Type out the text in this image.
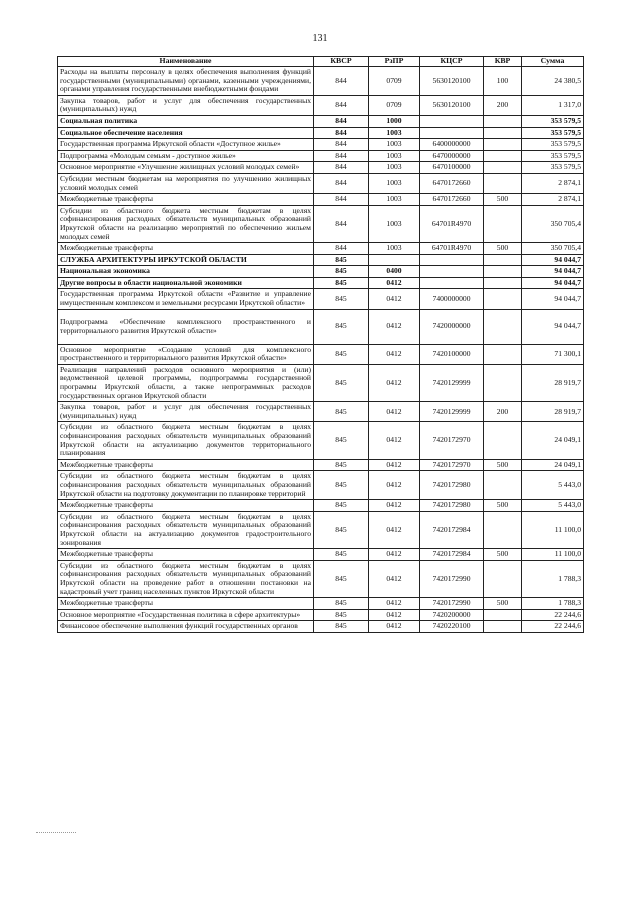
131
Наименование	КВСР	РзПР	КЦСР	КВР	Сумма
Расходы на выплаты персоналу в целях обеспечения выполнения функций государственными (муниципальными) органами, казенными учреждениями, органами управления государственными внебюджетными фондами	844	0709	5630120100	100	24 380,5
Закупка товаров, работ и услуг для обеспечения государственных (муниципальных) нужд	844	0709	5630120100	200	1 317,0
Социальная политика	844	1000			353 579,5
Социальное обеспечение населения	844	1003			353 579,5
Государственная программа Иркутской области «Доступное жилье»	844	1003	6400000000		353 579,5
Подпрограмма «Молодым семьям - доступное жилье»	844	1003	6470000000		353 579,5
Основное мероприятие «Улучшение жилищных условий молодых семей»	844	1003	6470100000		353 579,5
Субсидии местным бюджетам на мероприятия по улучшению жилищных условий молодых семей	844	1003	6470172660		2 874,1
Межбюджетные трансферты	844	1003	6470172660	500	2 874,1
Субсидии из областного бюджета местным бюджетам в целях софинансирования расходных обязательств муниципальных образований Иркутской области на реализацию мероприятий по обеспечению жильем молодых семей	844	1003	64701R4970		350 705,4
Межбюджетные трансферты	844	1003	64701R4970	500	350 705,4
СЛУЖБА АРХИТЕКТУРЫ ИРКУТСКОЙ ОБЛАСТИ	845				94 044,7
Национальная экономика	845	0400			94 044,7
Другие вопросы в области национальной экономики	845	0412			94 044,7
Государственная программа Иркутской области «Развитие и управление имущественным комплексом и земельными ресурсами Иркутской области»	845	0412	7400000000		94 044,7
Подпрограмма «Обеспечение комплексного пространственного и территориального развития Иркутской области»	845	0412	7420000000		94 044,7
Основное мероприятие «Создание условий для комплексного пространственного и территориального развития Иркутской области»	845	0412	7420100000		71 300,1
Реализация направлений расходов основного мероприятия и (или) ведомственной целевой программы, подпрограммы государственной программы Иркутской области, а также непрограммных расходов государственных органов Иркутской области	845	0412	7420129999		28 919,7
Закупка товаров, работ и услуг для обеспечения государственных (муниципальных) нужд	845	0412	7420129999	200	28 919,7
Субсидии из областного бюджета местным бюджетам в целях софинансирования расходных обязательств муниципальных образований Иркутской области на актуализацию документов территориального планирования	845	0412	7420172970		24 049,1
Межбюджетные трансферты	845	0412	7420172970	500	24 049,1
Субсидии из областного бюджета местным бюджетам в целях софинансирования расходных обязательств муниципальных образований Иркутской области на подготовку документации по планировке территорий	845	0412	7420172980		5 443,0
Межбюджетные трансферты	845	0412	7420172980	500	5 443,0
Субсидии из областного бюджета местным бюджетам в целях софинансирования расходных обязательств муниципальных образований Иркутской области на актуализацию документов градостроительного зонирования	845	0412	7420172984		11 100,0
Межбюджетные трансферты	845	0412	7420172984	500	11 100,0
Субсидии из областного бюджета местным бюджетам в целях софинансирования расходных обязательств муниципальных образований Иркутской области на проведение работ в отношении постановки на кадастровый учет границ населенных пунктов Иркутской области	845	0412	7420172990		1 788,3
Межбюджетные трансферты	845	0412	7420172990	500	1 788,3
Основное мероприятие «Государственная политика в сфере архитектуры»	845	0412	7420200000		22 244,6
Финансовое обеспечение выполнения функций государственных органов	845	0412	7420220100		22 244,6
